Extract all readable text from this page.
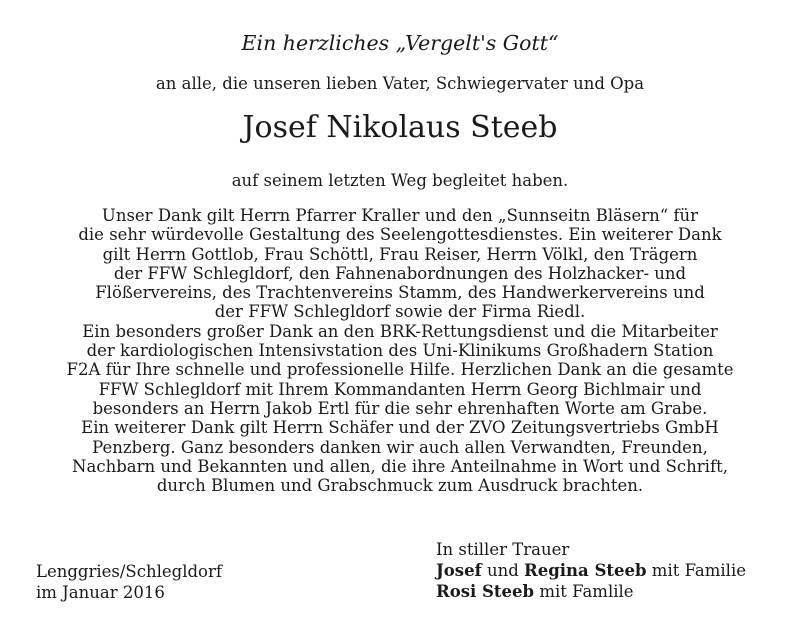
Ein herzliches „Vergelt's Gott“
an alle, die unseren lieben Vater, Schwiegervater und Opa
Josef Nikolaus Steeb
auf seinem letzten Weg begleitet haben.
Unser Dank gilt Herrn Pfarrer Kraller und den „Sunnseitn Bläsern“ für
die sehr würdevolle Gestaltung des Seelengottesdienstes. Ein weiterer Dank
gilt Herrn Gottlob, Frau Schöttl, Frau Reiser, Herrn Völkl, den Trägern
der FFW Schlegldorf, den Fahnenabordnungen des Holzhacker- und
Flößervereins, des Trachtenvereins Stamm, des Handwerkervereins und
der FFW Schlegldorf sowie der Firma Riedl.
Ein besonders großer Dank an den BRK-Rettungsdienst und die Mitarbeiter
der kardiologischen Intensivstation des Uni-Klinikums Großhadern Station
F2A für Ihre schnelle und professionelle Hilfe. Herzlichen Dank an die gesamte
FFW Schlegldorf mit Ihrem Kommandanten Herrn Georg Bichlmair und
besonders an Herrn Jakob Ertl für die sehr ehrenhaften Worte am Grabe.
Ein weiterer Dank gilt Herrn Schäfer und der ZVO Zeitungsvertriebs GmbH
Penzberg. Ganz besonders danken wir auch allen Verwandten, Freunden,
Nachbarn und Bekannten und allen, die ihre Anteilnahme in Wort und Schrift,
durch Blumen und Grabschmuck zum Ausdruck brachten.
Lenggries/Schlegldorf
im Januar 2016
In stiller Trauer
Josef und Regina Steeb mit Familie
Rosi Steeb mit Famlile
